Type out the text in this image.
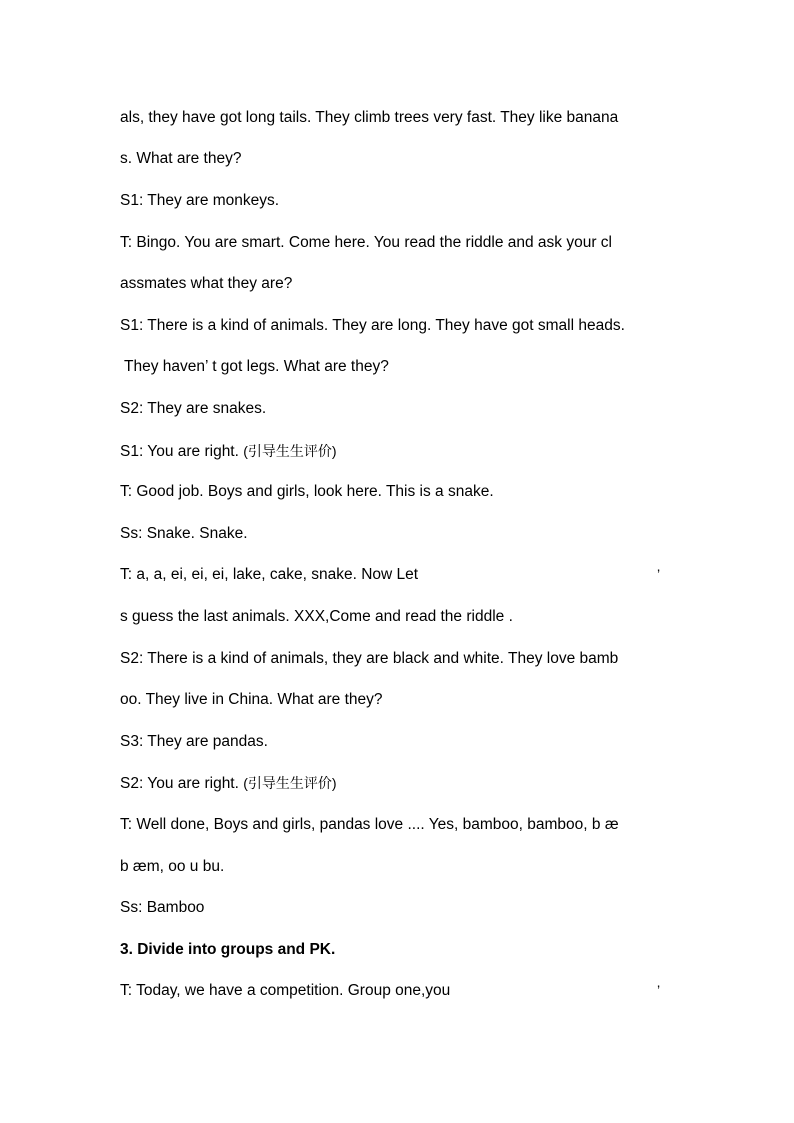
als, they have got long tails. They climb trees very fast. They like banana
s. What are they?
S1: They are monkeys.
T: Bingo. You are smart. Come here. You read the riddle and ask your cl
assmates what they are?
S1: There is a kind of animals. They are long. They have got small heads.
They haven’ t got legs. What are they?
S2: They are snakes.
S1: You are right. (引导生生评价)
T: Good job. Boys and girls, look here. This is a snake.
Ss: Snake. Snake.
T: a, a, ei, ei, ei, lake, cake, snake. Now Let	’
s guess the last animals. XXX,Come and read the riddle .
S2: There is a kind of animals, they are black and white. They love bamb
oo. They live in China. What are they?
S3: They are pandas.
S2: You are right. (引导生生评价)
T: Well done, Boys and girls, pandas love .... Yes, bamboo, bamboo, b æ
b æm, oo u bu.
Ss: Bamboo
3. Divide into groups and PK.
T: Today, we have a competition. Group one,you	’
